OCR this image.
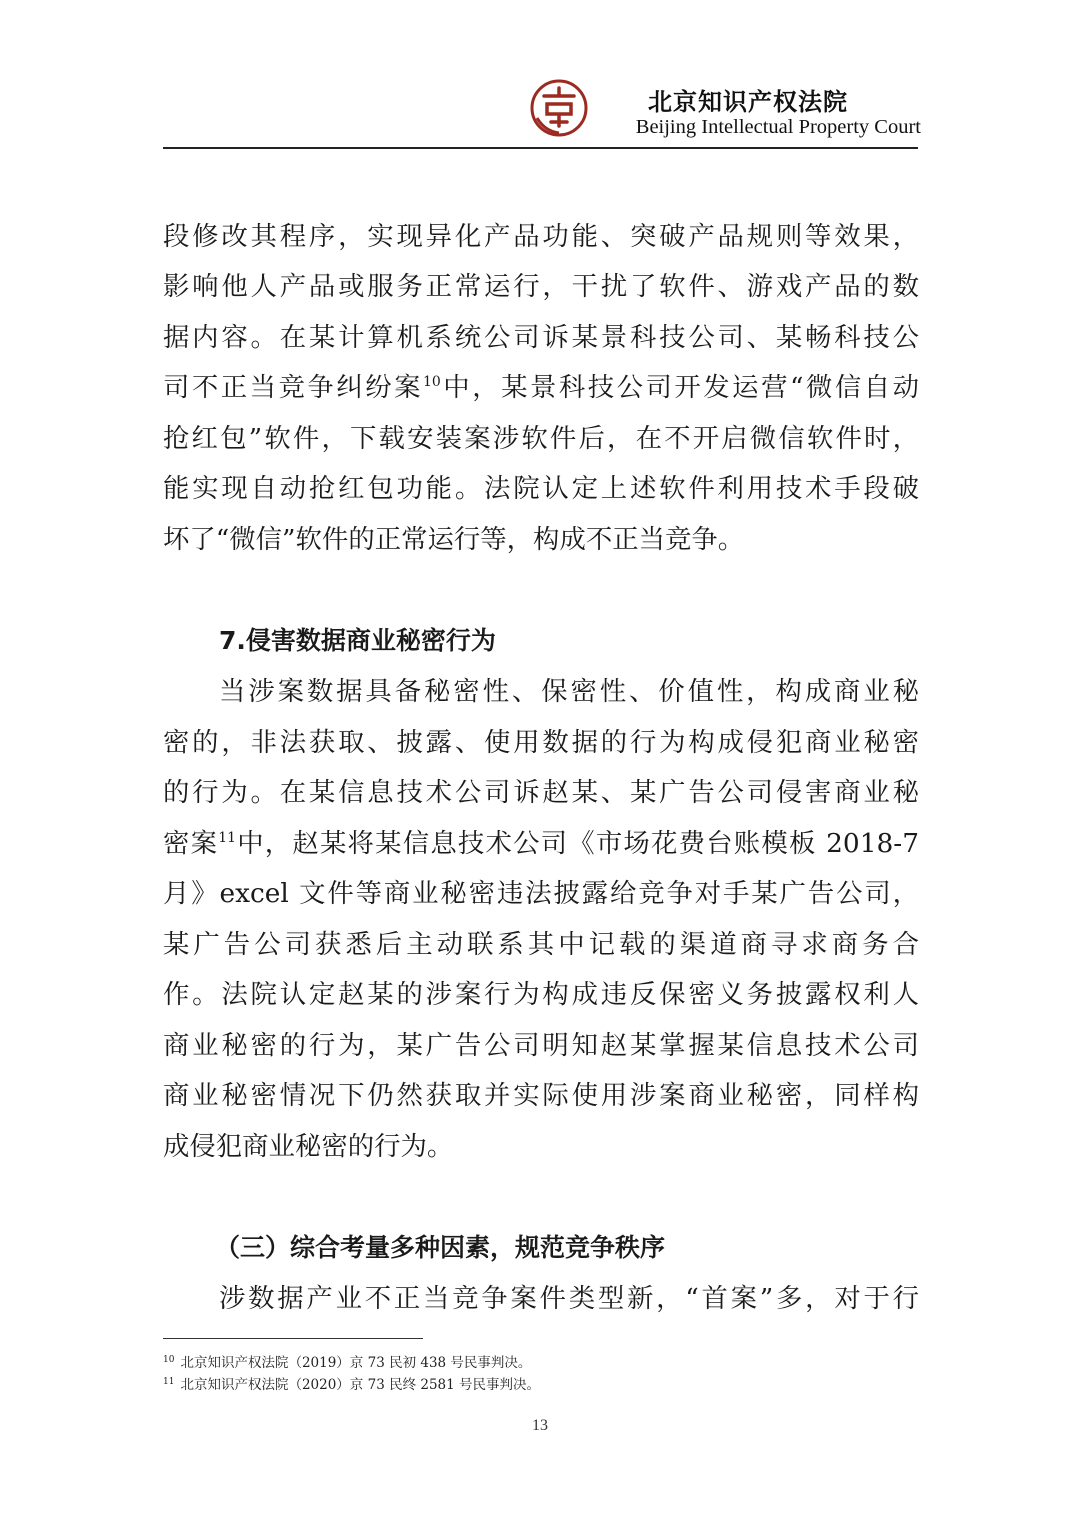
北京知识产权法院
Beijing Intellectual Property Court
段修改其程序，实现异化产品功能、突破产品规则等效果，
影响他人产品或服务正常运行，干扰了软件、游戏产品的数
据内容。在某计算机系统公司诉某景科技公司、某畅科技公
司不正当竞争纠纷案$^{10}$中，某景科技公司开发运营“微信自动
抢红包”软件，下载安装案涉软件后，在不开启微信软件时，
能实现自动抢红包功能。法院认定上述软件利用技术手段破
坏了“微信”软件的正常运行等，构成不正当竞争。
7.侵害数据商业秘密行为
当涉案数据具备秘密性、保密性、价值性，构成商业秘
密的，非法获取、披露、使用数据的行为构成侵犯商业秘密
的行为。在某信息技术公司诉赵某、某广告公司侵害商业秘
密案$^{11}$中，赵某将某信息技术公司《市场花费台账模板 2018-7
月》excel 文件等商业秘密违法披露给竞争对手某广告公司，
某广告公司获悉后主动联系其中记载的渠道商寻求商务合
作。法院认定赵某的涉案行为构成违反保密义务披露权利人
商业秘密的行为，某广告公司明知赵某掌握某信息技术公司
商业秘密情况下仍然获取并实际使用涉案商业秘密，同样构
成侵犯商业秘密的行为。
（三）综合考量多种因素，规范竞争秩序
涉数据产业不正当竞争案件类型新，“首案”多，对于行
$^{10}$ 北京知识产权法院（2019）京 73 民初 438 号民事判决。
$^{11}$ 北京知识产权法院（2020）京 73 民终 2581 号民事判决。
13
